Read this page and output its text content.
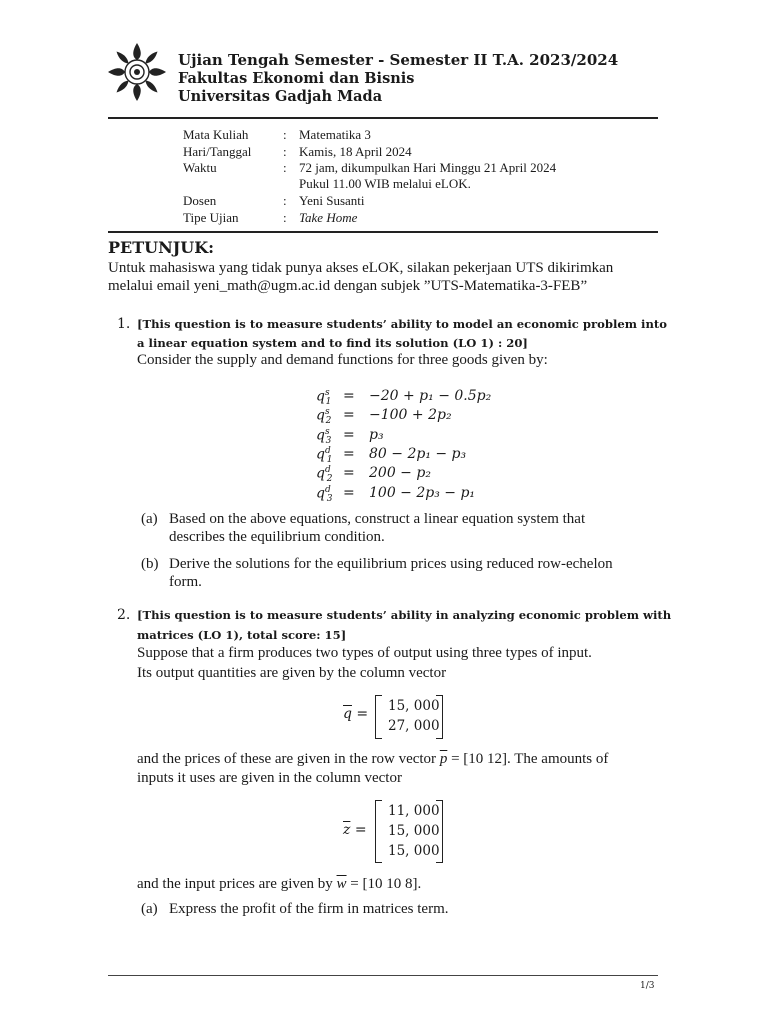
Ujian Tengah Semester - Semester II T.A. 2023/2024
Fakultas Ekonomi dan Bisnis
Universitas Gadjah Mada
Mata Kuliah	: Matematika 3
Hari/Tanggal : Kamis, 18 April 2024
Waktu	: 72 jam, dikumpulkan Hari Minggu 21 April 2024
Pukul 11.00 WIB melalui eLOK.
Dosen	: Yeni Susanti
Tipe Ujian	: Take Home
PETUNJUK:
Untuk mahasiswa yang tidak punya akses eLOK, silakan pekerjaan UTS dikirimkan
melalui email yeni_math@ugm.ac.id dengan subjek ”UTS-Matematika-3-FEB”
1. [This question is to measure students’ ability to model an economic problem into
a linear equation system and to find its solution (LO 1) : 20]
Consider the supply and demand functions for three goods given by:
$q^s_1 = -20 + p_1 - 0.5p_2$
$q^s_2 = -100 + 2p_2$
$q^s_3 = p_3$
$q^d_1 = 80 - 2p_1 - p_3$
$q^d_2 = 200 - p_2$
$q^d_3 = 100 - 2p_3 - p_1$
(a) Based on the above equations, construct a linear equation system that
describes the equilibrium condition.
(b) Derive the solutions for the equilibrium prices using reduced row-echelon
form.
2. [This question is to measure students’ ability in analyzing economic problem with
matrices (LO 1), total score: 15]
Suppose that a firm produces two types of output using three types of input.
Its output quantities are given by the column vector
$\overline{q} = 15$, 000
27, 000
and the prices of these are given in the row vector $\overline{p} = [10$ 12]. The amounts of
inputs it uses are given in the column vector
$\overline{z}$ =
11, 000
15, 000
15, 000
and the input prices are given by $\overline{w} = [10$ 10 8].
(a) Express the profit of the firm in matrices term.
1/3
